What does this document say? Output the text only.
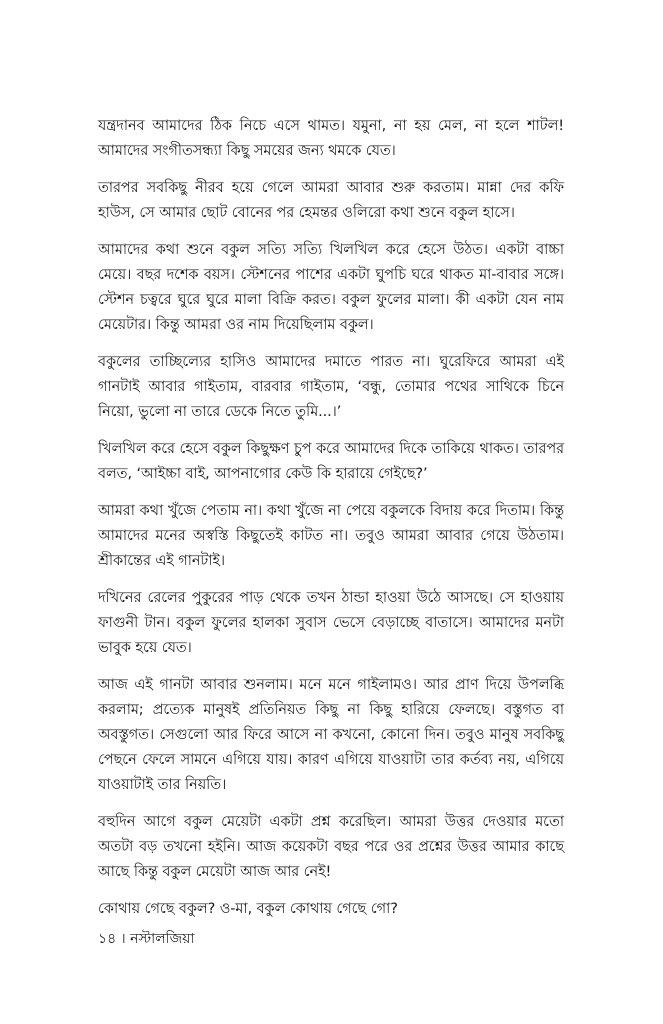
যন্ত্রদানব আমাদের ঠিক নিচে এসে থামত। যমুনা, না হয় মেল, না হলে শাটল! আমাদের সংগীতসন্ধ্যা কিছু সময়ের জন্য থমকে যেত।

তারপর সবকিছু নীরব হয়ে গেলে আমরা আবার শুরু করতাম। মান্না দের কফি হাউস, সে আমার ছোট বোনের পর হেমন্তর ওলিরো কথা শুনে বকুল হাসে।

আমাদের কথা শুনে বকুল সত্যি সত্যি খিলখিল করে হেসে উঠত। একটা বাচ্চা মেয়ে। বছর দশেক বয়স। স্টেশনের পাশের একটা ঘুপচি ঘরে থাকত মা-বাবার সঙ্গে। স্টেশন চত্বরে ঘুরে ঘুরে মালা বিক্রি করত। বকুল ফুলের মালা। কী একটা যেন নাম মেয়েটার। কিন্তু আমরা ওর নাম দিয়েছিলাম বকুল।

বকুলের তাচ্ছিল্যের হাসিও আমাদের দমাতে পারত না। ঘুরেফিরে আমরা এই গানটাই আবার গাইতাম, বারবার গাইতাম, ‘বন্ধু, তোমার পথের সাথিকে চিনে নিয়ো, ভুলো না তারে ডেকে নিতে তুমি...।’

খিলখিল করে হেসে বকুল কিছুক্ষণ চুপ করে আমাদের দিকে তাকিয়ে থাকত। তারপর বলত, ‘আইচ্চা বাই, আপনাগোর কেউ কি হারায়ে গেইছে?’

আমরা কথা খুঁজে পেতাম না। কথা খুঁজে না পেয়ে বকুলকে বিদায় করে দিতাম। কিন্তু আমাদের মনের অস্বস্তি কিছুতেই কাটত না। তবুও আমরা আবার গেয়ে উঠতাম। শ্রীকান্তের এই গানটাই।

দখিনের রেলের পুকুরের পাড় থেকে তখন ঠান্ডা হাওয়া উঠে আসছে। সে হাওয়ায় ফাগুনী টান। বকুল ফুলের হালকা সুবাস ভেসে বেড়াচ্ছে বাতাসে। আমাদের মনটা ভাবুক হয়ে যেত।

আজ এই গানটা আবার শুনলাম। মনে মনে গাইলামও। আর প্রাণ দিয়ে উপলব্ধি করলাম; প্রত্যেক মানুষই প্রতিনিয়ত কিছু না কিছু হারিয়ে ফেলছে। বস্তুগত বা অবস্তুগত। সেগুলো আর ফিরে আসে না কখনো, কোনো দিন। তবুও মানুষ সবকিছু পেছনে ফেলে সামনে এগিয়ে যায়। কারণ এগিয়ে যাওয়াটা তার কর্তব্য নয়, এগিয়ে যাওয়াটাই তার নিয়তি।

বহুদিন আগে বকুল মেয়েটা একটা প্রশ্ন করেছিল। আমরা উত্তর দেওয়ার মতো অতটা বড় তখনো হইনি। আজ কয়েকটা বছর পরে ওর প্রশ্নের উত্তর আমার কাছে আছে কিন্তু বকুল মেয়েটা আজ আর নেই!

কোথায় গেছে বকুল? ও-মা, বকুল কোথায় গেছে গো?

১৪ । নস্টালজিয়া
